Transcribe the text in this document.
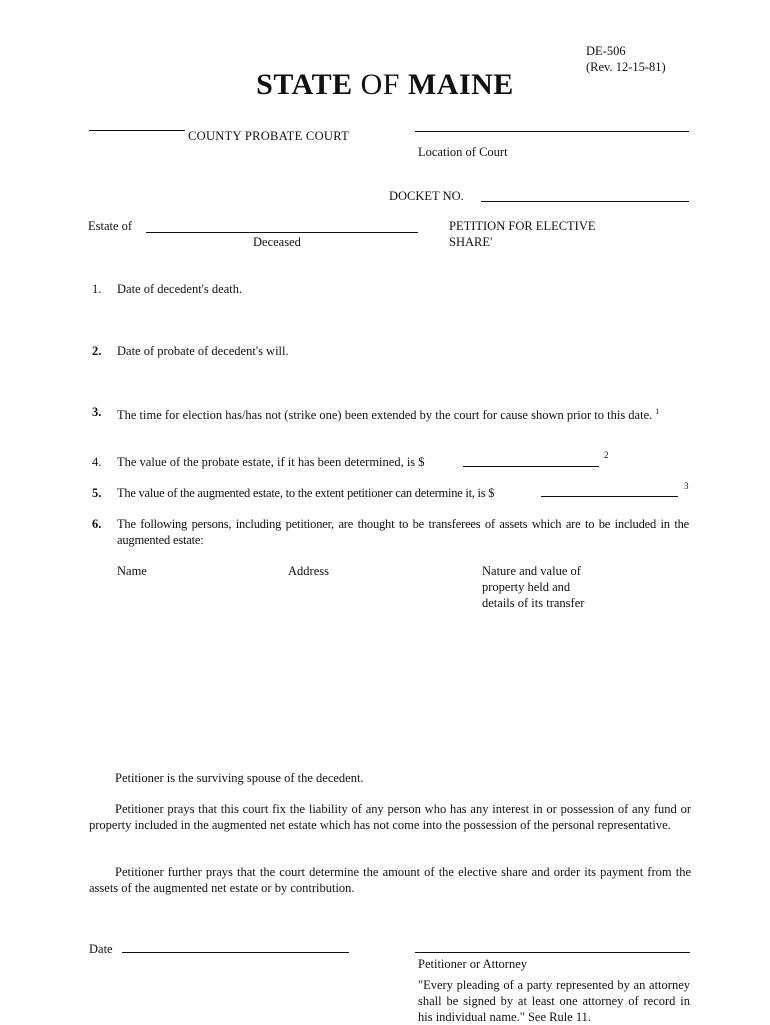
DE-506
(Rev. 12-15-81)
STATE OF MAINE
COUNTY PROBATE COURT
Location of Court
DOCKET NO.
Estate of
Deceased
PETITION FOR ELECTIVE
SHARE'
1.	Date of decedent's death.
2.	Date of probate of decedent's will.
3.	The time for election has/has not (strike one) been extended by the court for cause shown prior to this date. $^1$
4.	The value of the probate estate, if it has been determined, is $	2
5.	The value of the augmented estate, to the extent petitioner can determine it, is $	3
6.	The following persons, including petitioner, are thought to be transferees of assets which are to be included in the augmented estate:
Name	Address	Nature and value of
property held and
details of its transfer

Petitioner is the surviving spouse of the decedent.

Petitioner prays that this court fix the liability of any person who has any interest in or possession of any fund or property included in the augmented net estate which has not come into the possession of the personal representative.

Petitioner further prays that the court determine the amount of the elective share and order its payment from the assets of the augmented net estate or by contribution.

Date
Petitioner or Attorney
"Every pleading of a party represented by an attorney shall be signed by at least one attorney of record in his individual name." See Rule 11.
